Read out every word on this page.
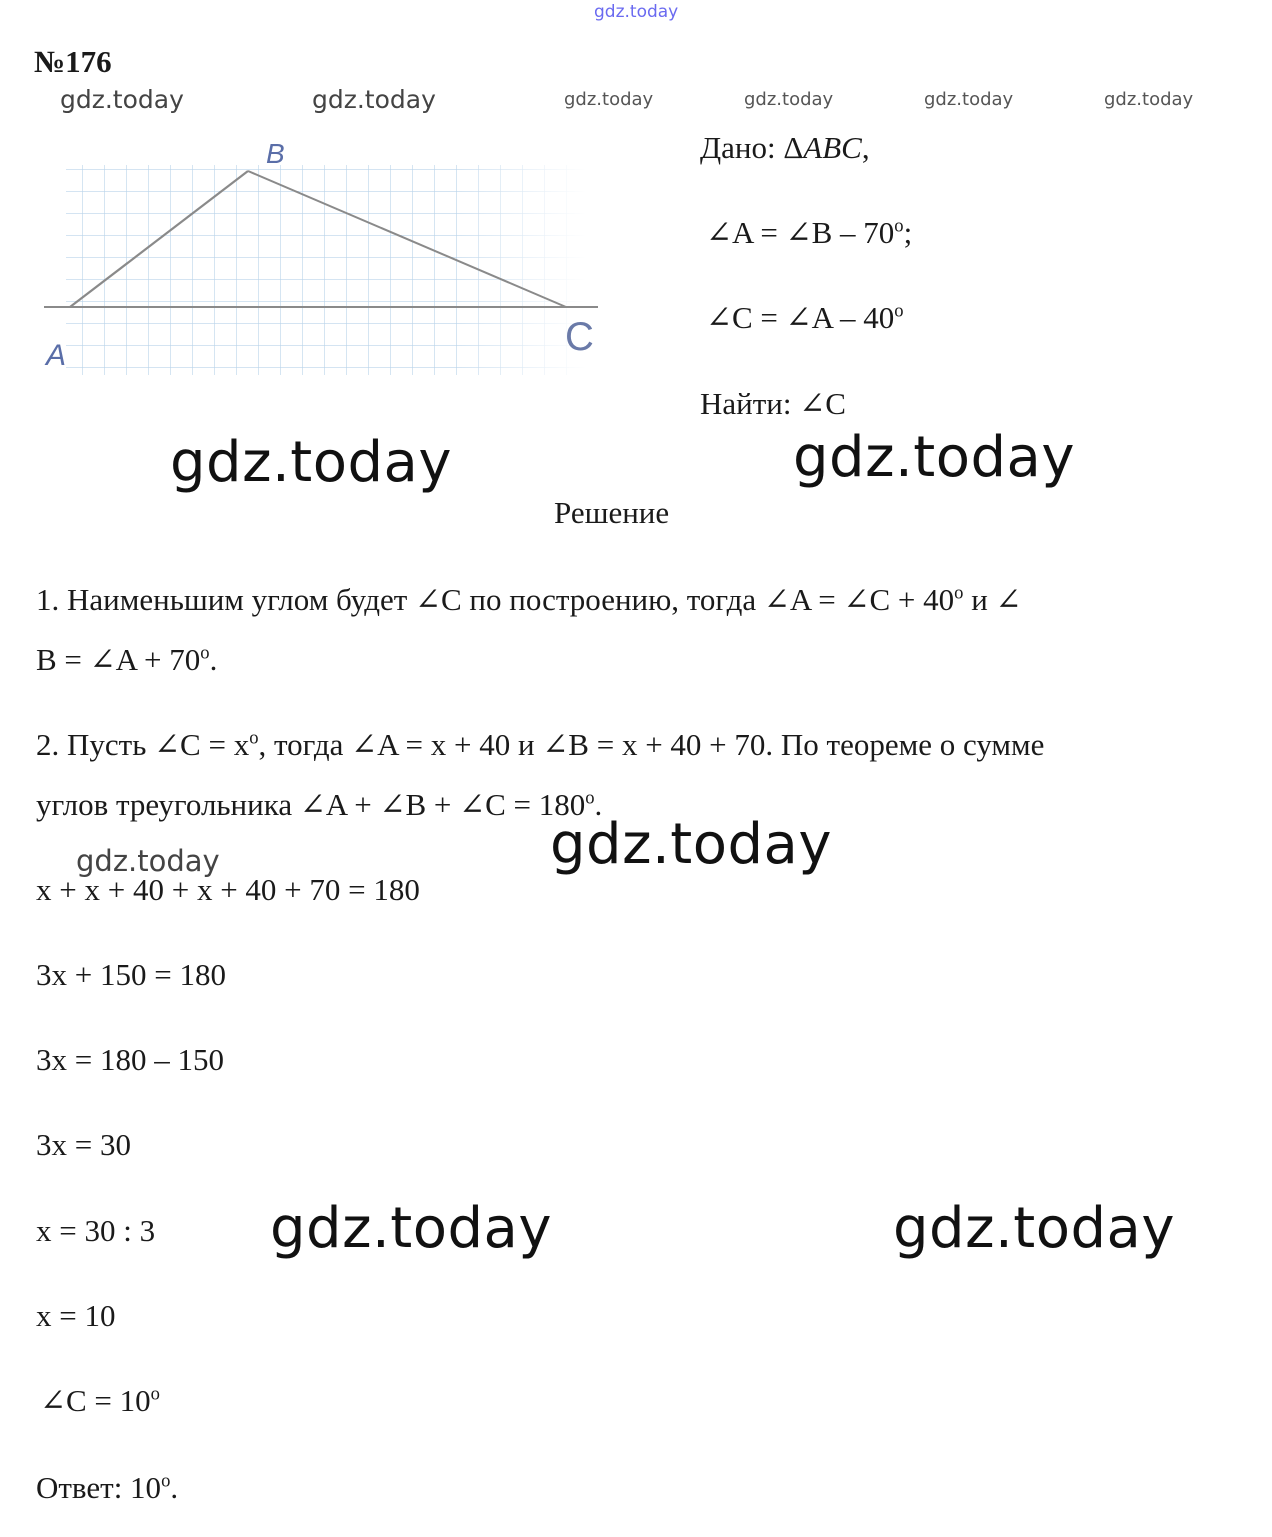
gdz.today
gdz.today	gdz.today	gdz.today	gdz.today	gdz.today	gdz.today
gdz.today	gdz.today
gdz.today
gdz.today	gdz.today
gdz.today
№176
A
B
C
Дано: ΔABC,
∠A = ∠B – 70$^o$;
∠C = ∠A – 40$^o$
Найти: ∠C
Решение
1. Наименьшим углом будет ∠C по построению, тогда ∠A = ∠C + $40^o$ и ∠
B = ∠A + $70^o$.
2. Пусть ∠C = $x^o$, тогда ∠A = x + 40 и ∠B = x + 40 + 70. По теореме о сумме
углов треугольника ∠A + ∠B + ∠C = $180^o$.
x + x + 40 + x + 40 + 70 = 180
3x + 150 = 180
3x = 180 – 150
3x = 30
x = 30 : 3
x = 10
∠C = $10^o$
Ответ: 10$^o$.
